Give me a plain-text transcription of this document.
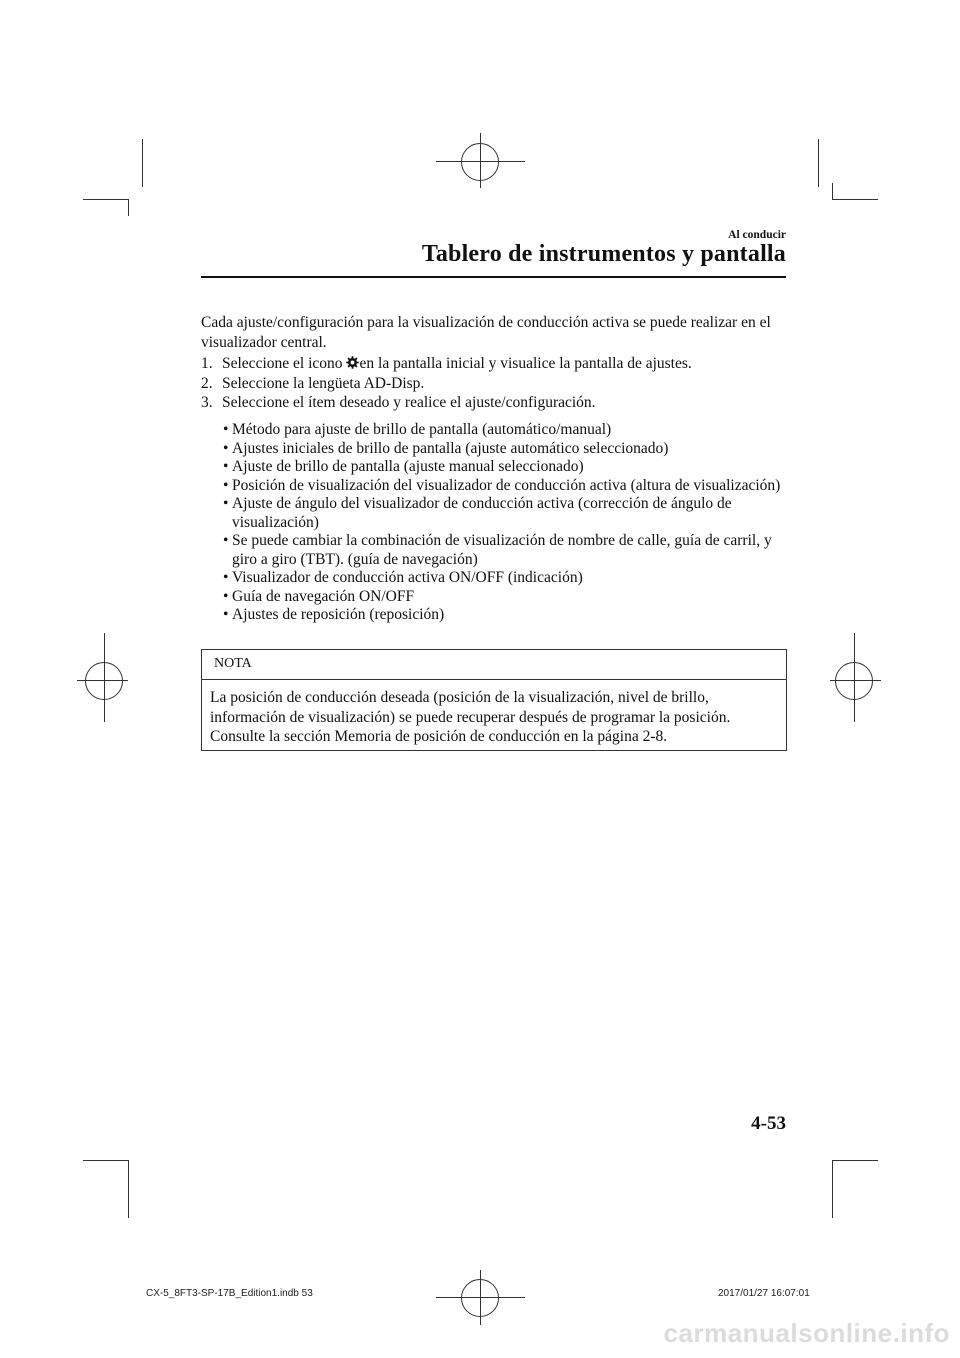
Al conducir
Tablero de instrumentos y pantalla
Cada ajuste/configuración para la visualización de conducción activa se puede realizar en el visualizador central.
1. Seleccione el icono en la pantalla inicial y visualice la pantalla de ajustes.
2. Seleccione la lengüeta AD-Disp.
3. Seleccione el ítem deseado y realice el ajuste/configuración.
• Método para ajuste de brillo de pantalla (automático/manual)
• Ajustes iniciales de brillo de pantalla (ajuste automático seleccionado)
• Ajuste de brillo de pantalla (ajuste manual seleccionado)
• Posición de visualización del visualizador de conducción activa (altura de visualización)
• Ajuste de ángulo del visualizador de conducción activa (corrección de ángulo de visualización)
• Se puede cambiar la combinación de visualización de nombre de calle, guía de carril, y giro a giro (TBT). (guía de navegación)
• Visualizador de conducción activa ON/OFF (indicación)
• Guía de navegación ON/OFF
• Ajustes de reposición (reposición)
NOTA
La posición de conducción deseada (posición de la visualización, nivel de brillo, información de visualización) se puede recuperar después de programar la posición. Consulte la sección Memoria de posición de conducción en la página 2-8.
4-53
CX-5_8FT3-SP-17B_Edition1.indb 53	2017/01/27 16:07:01
carmanualsonline.info
